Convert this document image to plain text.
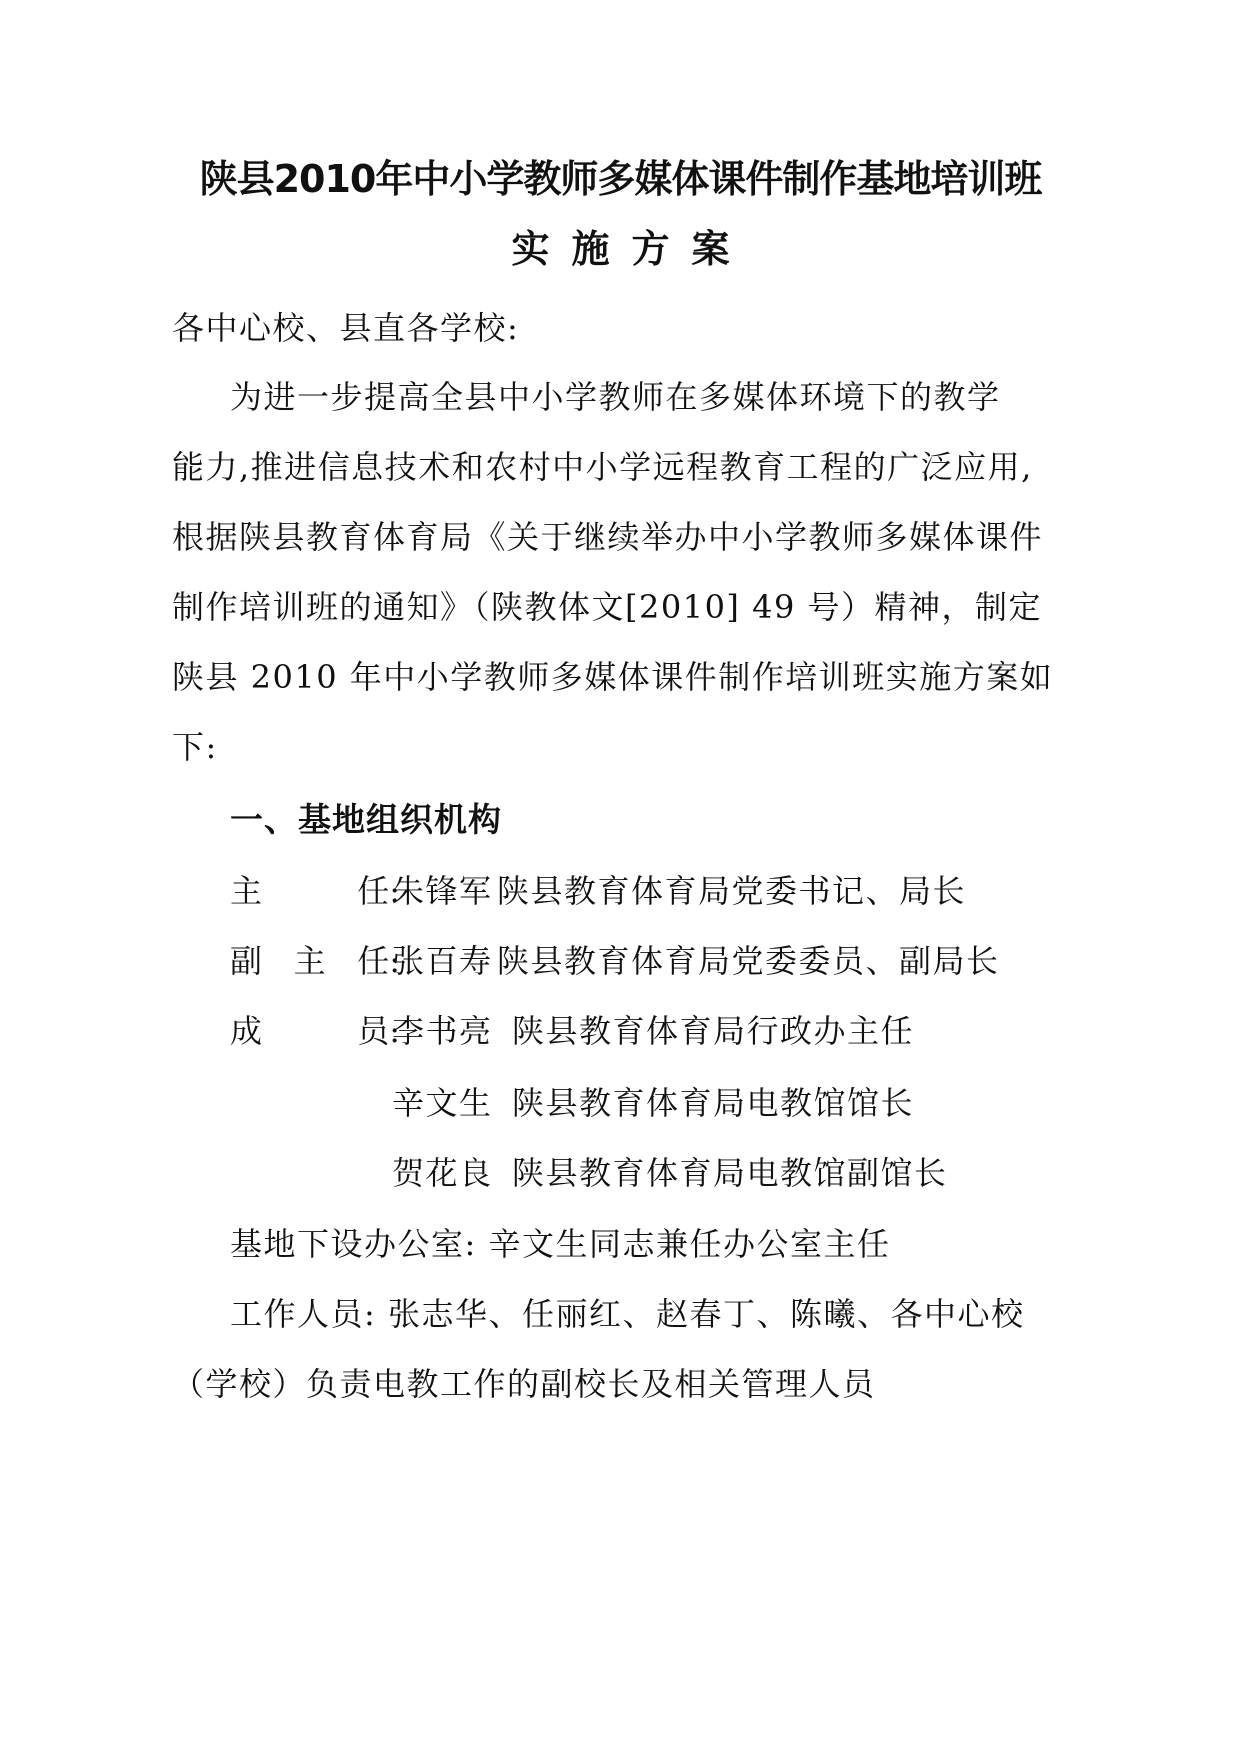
陕县2010年中小学教师多媒体课件制作基地培训班
实施方案

各中心校、县直各学校:

为进一步提高全县中小学教师在多媒体环境下的教学

能力,推进信息技术和农村中小学远程教育工程的广泛应用,

根据陕县教育体育局《关于继续举办中小学教师多媒体课件

制作培训班的通知》（陕教体文[2010] 49 号）精神，制定

陕县 2010 年中小学教师多媒体课件制作培训班实施方案如

下:

一、基地组织机构
主	任:
朱锋军 陕县教育体育局党委书记、局长
副 主 任:
张百寿 陕县教育体育局党委委员、副局长
成	员:
李书亮 陕县教育体育局行政办主任
辛文生 陕县教育体育局电教馆馆长
贺花良 陕县教育体育局电教馆副馆长

基地下设办公室: 辛文生同志兼任办公室主任

工作人员: 张志华、任丽红、赵春丁、陈曦、各中心校

（学校）负责电教工作的副校长及相关管理人员
